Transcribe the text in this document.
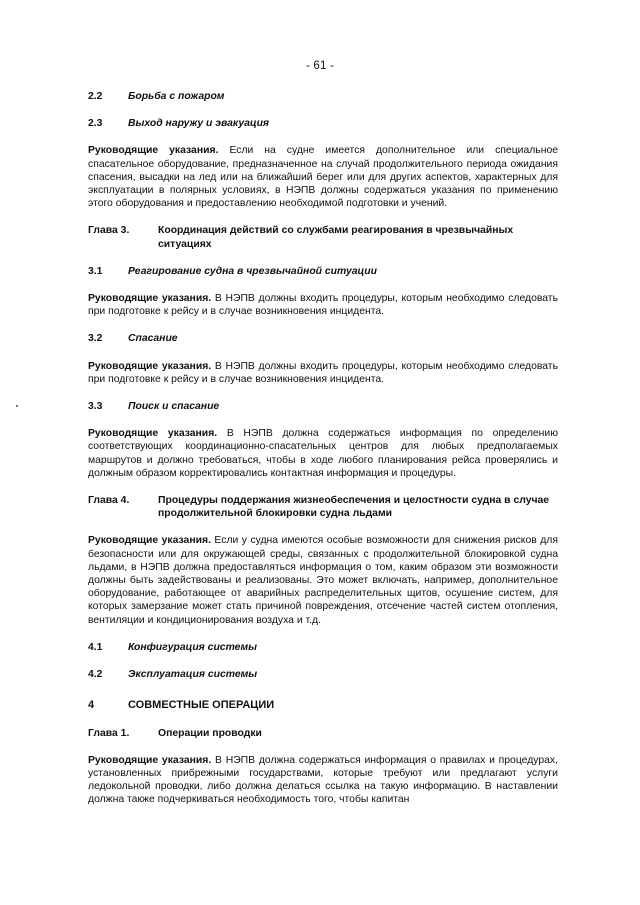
- 61 -
2.2	Борьба с пожаром
2.3	Выход наружу и эвакуация

Руководящие указания. Если на судне имеется дополнительное или специальное спасательное оборудование, предназначенное на случай продолжительного периода ожидания спасения, высадки на лед или на ближайший берег или для других аспектов, характерных для эксплуатации в полярных условиях, в НЭПВ должны содержаться указания по применению этого оборудования и предоставлению необходимой подготовки и учений.

Глава 3.	Координация действий со службами реагирования в чрезвычайных ситуациях
3.1	Реагирование судна в чрезвычайной ситуации

Руководящие указания. В НЭПВ должны входить процедуры, которым необходимо следовать при подготовке к рейсу и в случае возникновения инцидента.

3.2	Спасание

Руководящие указания. В НЭПВ должны входить процедуры, которым необходимо следовать при подготовке к рейсу и в случае возникновения инцидента.

3.3	Поиск и спасание

Руководящие указания. В НЭПВ должна содержаться информация по определению соответствующих координационно-спасательных центров для любых предполагаемых маршрутов и должно требоваться, чтобы в ходе любого планирования рейса проверялись и должным образом корректировались контактная информация и процедуры.

Глава 4.	Процедуры поддержания жизнеобеспечения и целостности судна в случае продолжительной блокировки судна льдами

Руководящие указания. Если у судна имеются особые возможности для снижения рисков для безопасности или для окружающей среды, связанных с продолжительной блокировкой судна льдами, в НЭПВ должна предоставляться информация о том, каким образом эти возможности должны быть задействованы и реализованы. Это может включать, например, дополнительное оборудование, работающее от аварийных распределительных щитов, осушение систем, для которых замерзание может стать причиной повреждения, отсечение частей систем отопления, вентиляции и кондиционирования воздуха и т.д.

4.1	Конфигурация системы
4.2	Эксплуатация системы
4	СОВМЕСТНЫЕ ОПЕРАЦИИ
Глава 1.	Операции проводки

Руководящие указания. В НЭПВ должна содержаться информация о правилах и процедурах, установленных прибрежными государствами, которые требуют или предлагают услуги ледокольной проводки, либо должна делаться ссылка на такую информацию. В наставлении должна также подчеркиваться необходимость того, чтобы капитан
